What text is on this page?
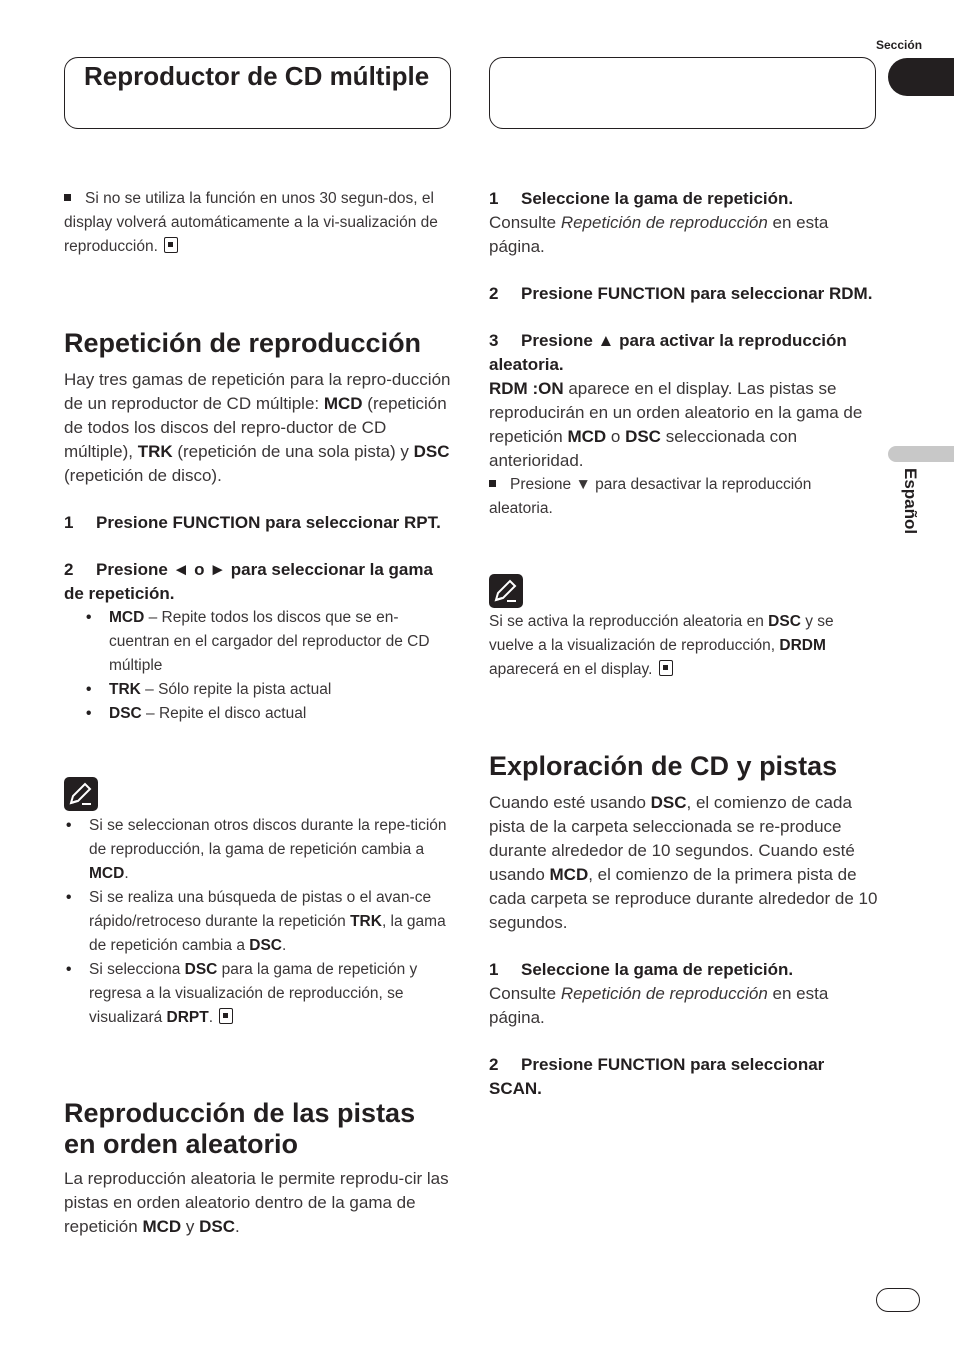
Reproductor de CD múltiple
Sección
Español

Si no se utiliza la función en unos 30 segun-dos, el display volverá automáticamente a la vi-sualización de reproducción.

Repetición de reproducción

Hay tres gamas de repetición para la repro-ducción de un reproductor de CD múltiple: MCD (repetición de todos los discos del repro-ductor de CD múltiple), TRK (repetición de una sola pista) y DSC (repetición de disco).

1 Presione FUNCTION para seleccionar RPT.

2 Presione ◄ o ► para seleccionar la gama de repetición.

• MCD – Repite todos los discos que se en-cuentran en el cargador del reproductor de CD múltiple
• TRK – Sólo repite la pista actual
• DSC – Repite el disco actual
• Si se seleccionan otros discos durante la repe-tición de reproducción, la gama de repetición cambia a MCD.
• Si se realiza una búsqueda de pistas o el avan-ce rápido/retroceso durante la repetición TRK, la gama de repetición cambia a DSC.
• Si selecciona DSC para la gama de repetición y regresa a la visualización de reproducción, se visualizará DRPT.

Reproducción de las pistas en orden aleatorio

La reproducción aleatoria le permite reprodu-cir las pistas en orden aleatorio dentro de la gama de repetición MCD y DSC.

1 Seleccione la gama de repetición.

Consulte Repetición de reproducción en esta página.

2 Presione FUNCTION para seleccionar RDM.

3 Presione ▲ para activar la reproducción aleatoria.

RDM :ON aparece en el display. Las pistas se reproducirán en un orden aleatorio en la gama de repetición MCD o DSC seleccionada con anterioridad.

Presione ▼ para desactivar la reproducción aleatoria.

Si se activa la reproducción aleatoria en DSC y se vuelve a la visualización de reproducción, DRDM aparecerá en el display.

Exploración de CD y pistas

Cuando esté usando DSC, el comienzo de cada pista de la carpeta seleccionada se re-produce durante alrededor de 10 segundos. Cuando esté usando MCD, el comienzo de la primera pista de cada carpeta se reproduce durante alrededor de 10 segundos.

1 Seleccione la gama de repetición.

Consulte Repetición de reproducción en esta página.

2 Presione FUNCTION para seleccionar SCAN.
